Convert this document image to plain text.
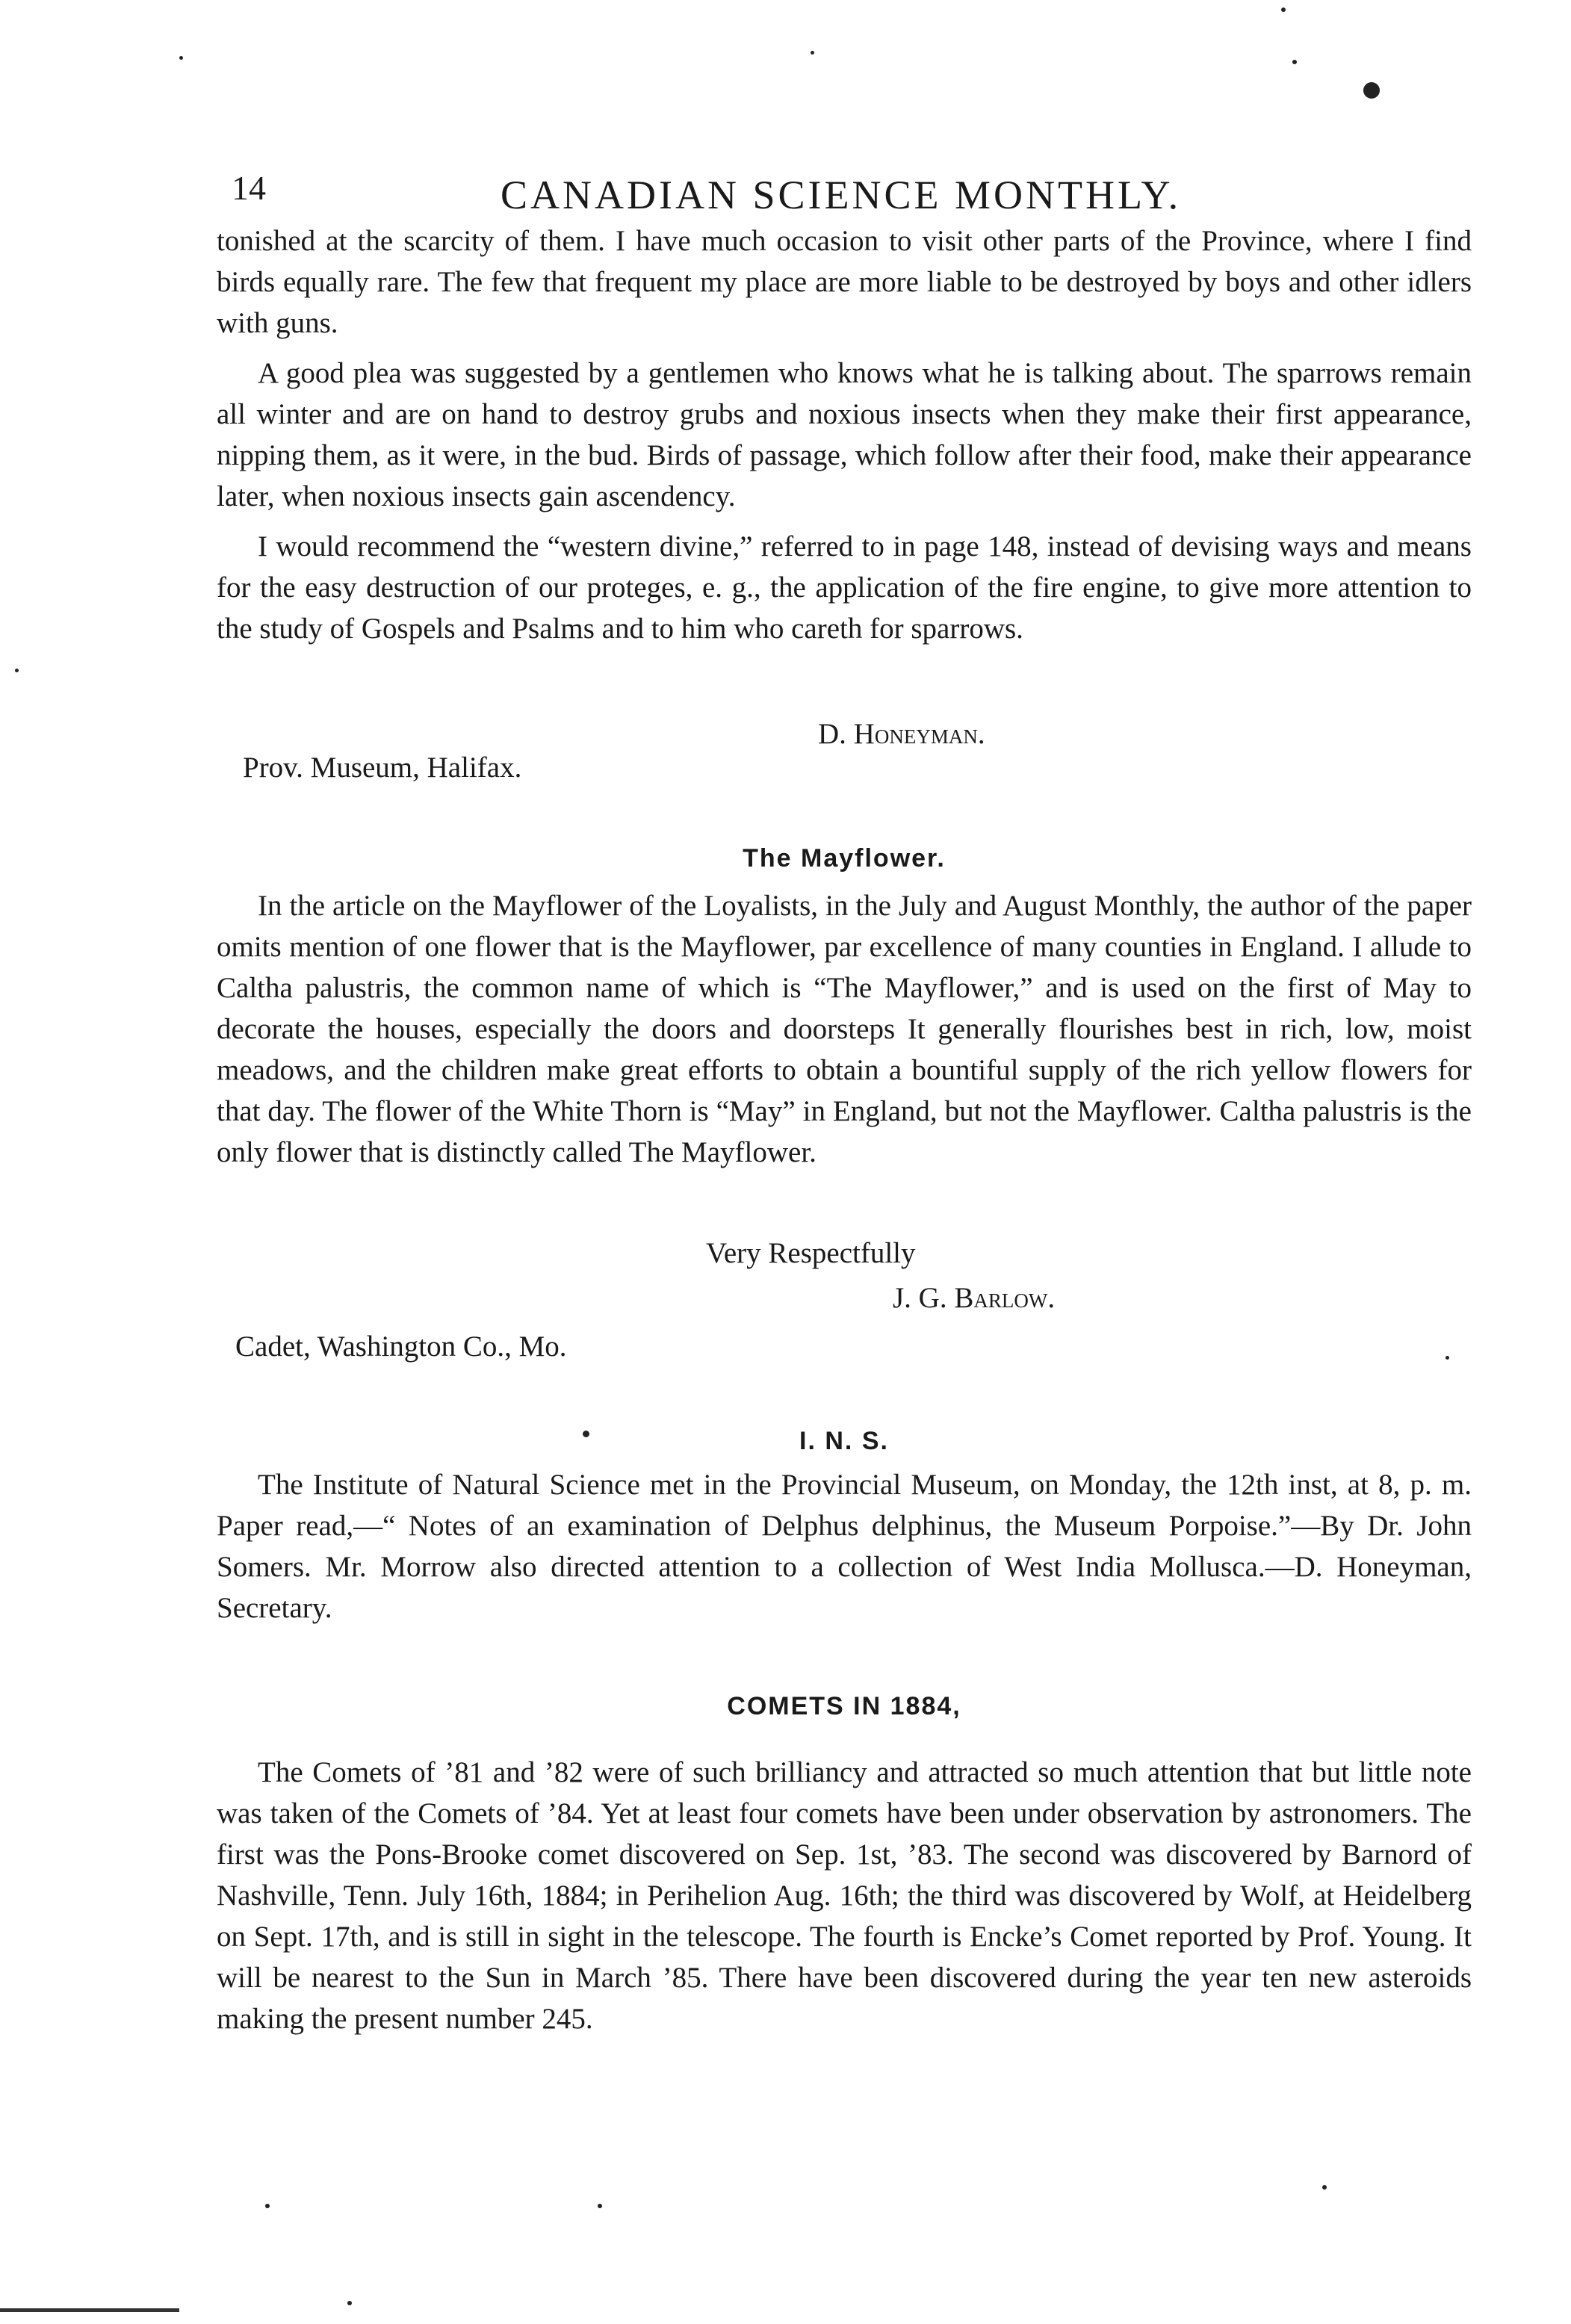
14	CANADIAN SCIENCE MONTHLY.

tonished at the scarcity of them. I have much occasion to visit other parts of the Province, where I find birds equally rare. The few that frequent my place are more liable to be destroyed by boys and other idlers with guns.

A good plea was suggested by a gentlemen who knows what he is talking about. The sparrows remain all winter and are on hand to destroy grubs and noxious insects when they make their first appearance, nipping them, as it were, in the bud. Birds of passage, which follow after their food, make their appearance later, when noxious insects gain ascendency.

I would recommend the “western divine,” referred to in page 148, instead of devising ways and means for the easy destruction of our proteges, e. g., the application of the fire engine, to give more attention to the study of Gospels and Psalms and to him who careth for sparrows.

D. Honeyman.
Prov. Museum, Halifax.
The Mayflower.

In the article on the Mayflower of the Loyalists, in the July and August Monthly, the author of the paper omits mention of one flower that is the Mayflower, par excellence of many counties in England. I allude to Caltha palustris, the common name of which is “The Mayflower,” and is used on the first of May to decorate the houses, especially the doors and doorsteps It generally flourishes best in rich, low, moist meadows, and the children make great efforts to obtain a bountiful supply of the rich yellow flowers for that day. The flower of the White Thorn is “May” in England, but not the Mayflower. Caltha palustris is the only flower that is distinctly called The Mayflower.

Very Respectfully
J. G. Barlow.
Cadet, Washington Co., Mo.
I. N. S.

The Institute of Natural Science met in the Provincial Museum, on Monday, the 12th inst, at 8, p. m. Paper read,—“ Notes of an examination of Delphus delphinus, the Museum Porpoise.”—By Dr. John Somers. Mr. Morrow also directed attention to a collection of West India Mollusca.—D. Honeyman, Secretary.

COMETS IN 1884,

The Comets of ’81 and ’82 were of such brilliancy and attracted so much attention that but little note was taken of the Comets of ’84. Yet at least four comets have been under observation by astronomers. The first was the Pons-Brooke comet discovered on Sep. 1st, ’83. The second was discovered by Barnord of Nashville, Tenn. July 16th, 1884; in Perihelion Aug. 16th; the third was discovered by Wolf, at Heidelberg on Sept. 17th, and is still in sight in the telescope. The fourth is Encke’s Comet reported by Prof. Young. It will be nearest to the Sun in March ’85. There have been discovered during the year ten new asteroids making the present number 245.
